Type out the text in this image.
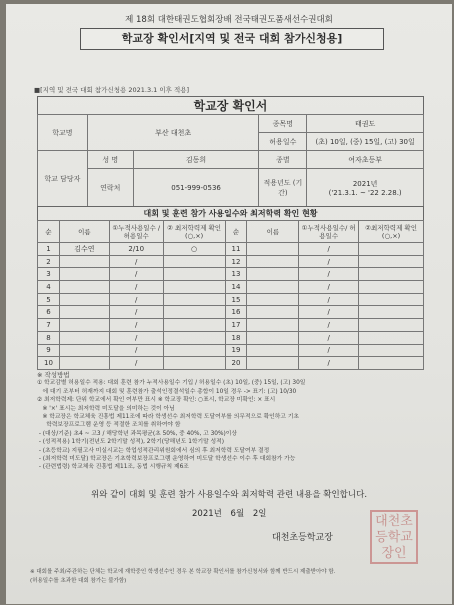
제 18회 대한태권도협회장배 전국태권도품새선수권대회
학교장 확인서[지역 및 전국 대회 참가신청용]
■[지역 및 전국 대회 참가신청용 2021.3.1 이후 적용]
학교장 확인서
학교명	부산 대천초		종목명	태권도
			허용일수	(초) 10일, (중) 15일, (고) 30일
학교 담당자	성 명	김동희	종별	여자초등부
	연락처	051-999-0536	적용년도 (기간)	2021년
('21.3.1. ~ '22 2.28.)
대회 및 훈련 참가 사용일수와 최저학력 확인 현황
순	이름	①누적사용일수 /허용일수	② 최저학력제 확인(○,×)	순	이름	①누적사용일수/ 허용일수	②최저학력제 확인(○,×)
1	김수연	2/10	○	11		/	
2		/		12		/	
3		/		13		/	
4		/		14		/	
5		/		15		/	
6		/		16		/	
7		/		17		/	
8		/		18		/	
9		/		19		/	
10		/		20		/	
※ 작성방법
① 학교감별 허용일수 적용: 대회 훈련 참가 누적사용일수 기입 / 허용일수 (초) 10일, (중) 15일, (고) 30일
에 대기 조부터 허재까지 대회 및 훈련참가 출석인정결석일수 총합이 10일 경우 -> 표기: (고) 10/30
② 최저학력제: 단위 학교에서 확인 여부만 표시 ※ 학교장 확인: ○표시, 학교장 미확인: × 표시
※ '×' 표시는 최저학력 미도달을 의미하는 것이 아님
※ 학교장은 학교체육 진흥법 제11조에 따라 학생선수 최저학력 도달여부를 의무적으로 확인하고 기초
학력보장프로그램 운영 등 적절한 조치를 취하여야 함
- (대상/기준) 초4 ~ 고3 / 해당학년 과목평균(초 50%, 중 40%, 고 30%)이상
- (성적적용) 1학기(전년도 2학기말 성적), 2학기(당해년도 1학기말 성적)
- (초등학교) 지필고사 미실시교는 학업성적관리위원회에서 심의 후 최저학력 도달여부 결정
- (최저학력 미도달) 학교장은 기초학력보장프로그램 운영하여 미도달 학생선수 이수 후 대회참가 가능
- (관련법령) 학교체육 진흥법 제11조, 동법 시행규칙 제6조
위와 같이 대회 및 훈련 참가 사용일수와 최저학력 관련 내용을 확인합니다.
2021년 6월 2일
대천초등학교장
대천초
등학교
장인
※ 대회를 주최/주관하는 단체는 학교에 재학중인 학생선수인 경우 본 학교장 확인서를 참가신청서와 함께 반드시 제출받아야 함.
(허용일수를 초과한 대회 참가는 불가함)
